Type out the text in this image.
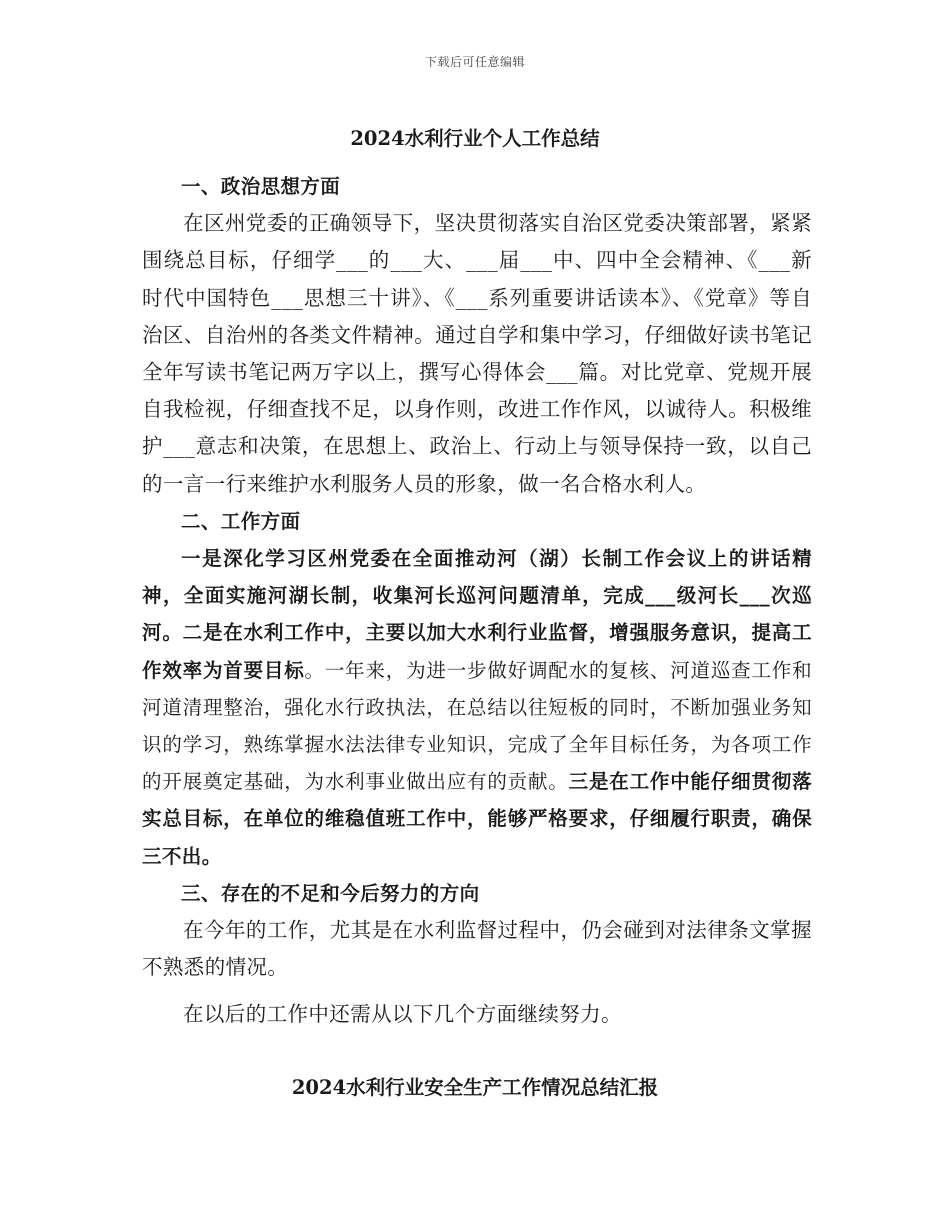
下载后可任意编辑
2024水利行业个人工作总结

一、政治思想方面

在区州党委的正确领导下，坚决贯彻落实自治区党委决策部署，紧紧围绕总目标，仔细学___的___大、___届___中、四中全会精神、《___新时代中国特色___思想三十讲》、《___系列重要讲话读本》、《党章》等自治区、自治州的各类文件精神。通过自学和集中学习，仔细做好读书笔记全年写读书笔记两万字以上，撰写心得体会___篇。对比党章、党规开展自我检视，仔细查找不足，以身作则，改进工作作风，以诚待人。积极维护___意志和决策，在思想上、政治上、行动上与领导保持一致，以自己的一言一行来维护水利服务人员的形象，做一名合格水利人。

二、工作方面

一是深化学习区州党委在全面推动河（湖）长制工作会议上的讲话精神，全面实施河湖长制，收集河长巡河问题清单，完成___级河长___次巡河。二是在水利工作中，主要以加大水利行业监督，增强服务意识，提高工作效率为首要目标。一年来，为进一步做好调配水的复核、河道巡查工作和河道清理整治，强化水行政执法，在总结以往短板的同时，不断加强业务知识的学习，熟练掌握水法法律专业知识，完成了全年目标任务，为各项工作的开展奠定基础，为水利事业做出应有的贡献。三是在工作中能仔细贯彻落实总目标，在单位的维稳值班工作中，能够严格要求，仔细履行职责，确保三不出。

三、存在的不足和今后努力的方向

在今年的工作，尤其是在水利监督过程中，仍会碰到对法律条文掌握不熟悉的情况。

在以后的工作中还需从以下几个方面继续努力。

2024水利行业安全生产工作情况总结汇报
